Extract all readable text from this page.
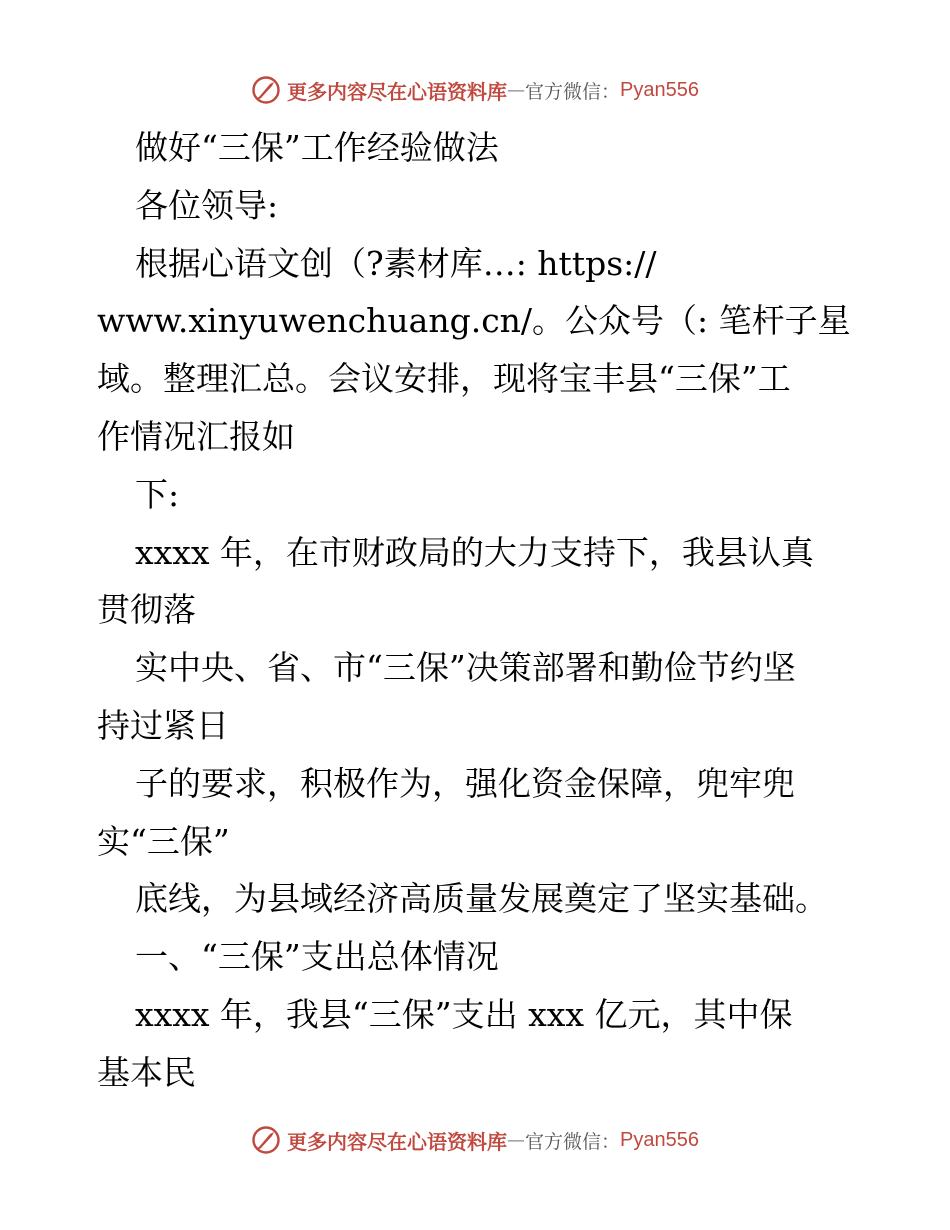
更多内容尽在心语资料库 — 官方微信： Pyan556
做好“三保”工作经验做法
各位领导:
根据心语文创（?素材库…: https://
www.xinyuwenchuang.cn/。公众号（: 笔杆子星
域。整理汇总。会议安排，现将宝丰县“三保”工
作情况汇报如
下:
xxxx 年，在市财政局的大力支持下，我县认真
贯彻落
实中央、省、市“三保”决策部署和勤俭节约坚
持过紧日
子的要求，积极作为，强化资金保障，兜牢兜
实“三保”
底线，为县域经济高质量发展奠定了坚实基础。
一、“三保”支出总体情况
xxxx 年，我县“三保”支出 xxx 亿元，其中保
基本民
更多内容尽在心语资料库 — 官方微信： Pyan556
